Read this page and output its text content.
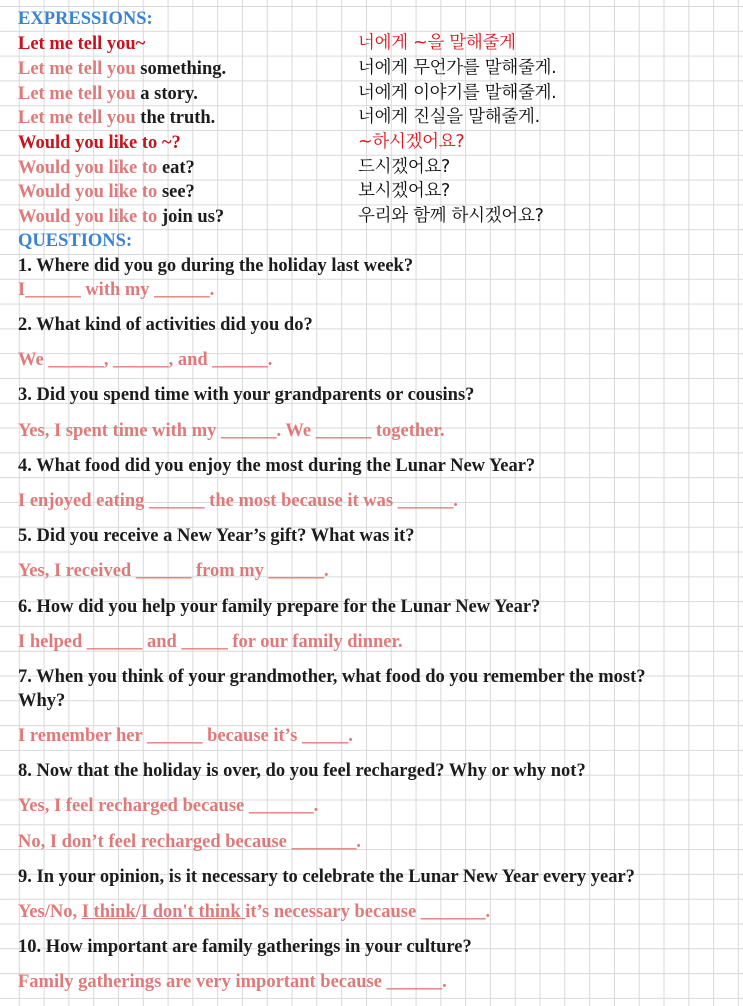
EXPRESSIONS:
Let me tell you~	너에게 ~을 말해줄게
Let me tell you something.	너에게 무언가를 말해줄게.
Let me tell you a story.	너에게 이야기를 말해줄게.
Let me tell you the truth.	너에게 진실을 말해줄게.
Would you like to ~?	~하시겠어요?
Would you like to eat?	드시겠어요?
Would you like to see?	보시겠어요?
Would you like to join us?	우리와 함께 하시겠어요?
QUESTIONS:
1. Where did you go during the holiday last week?
I______ with my ______.
2. What kind of activities did you do?
We ______, ______, and ______.
3. Did you spend time with your grandparents or cousins?
Yes, I spent time with my ______. We ______ together.
4. What food did you enjoy the most during the Lunar New Year?
I enjoyed eating ______ the most because it was ______.
5. Did you receive a New Year’s gift? What was it?
Yes, I received ______ from my ______.
6. How did you help your family prepare for the Lunar New Year?
I helped ______ and _____ for our family dinner.
7. When you think of your grandmother, what food do you remember the most?
Why?
I remember her ______ because it’s _____.
8. Now that the holiday is over, do you feel recharged? Why or why not?
Yes, I feel recharged because _______.
No, I don’t feel recharged because _______.
9. In your opinion, is it necessary to celebrate the Lunar New Year every year?
Yes/No, I think/I don't think it’s necessary because _______.
10. How important are family gatherings in your culture?
Family gatherings are very important because ______.
